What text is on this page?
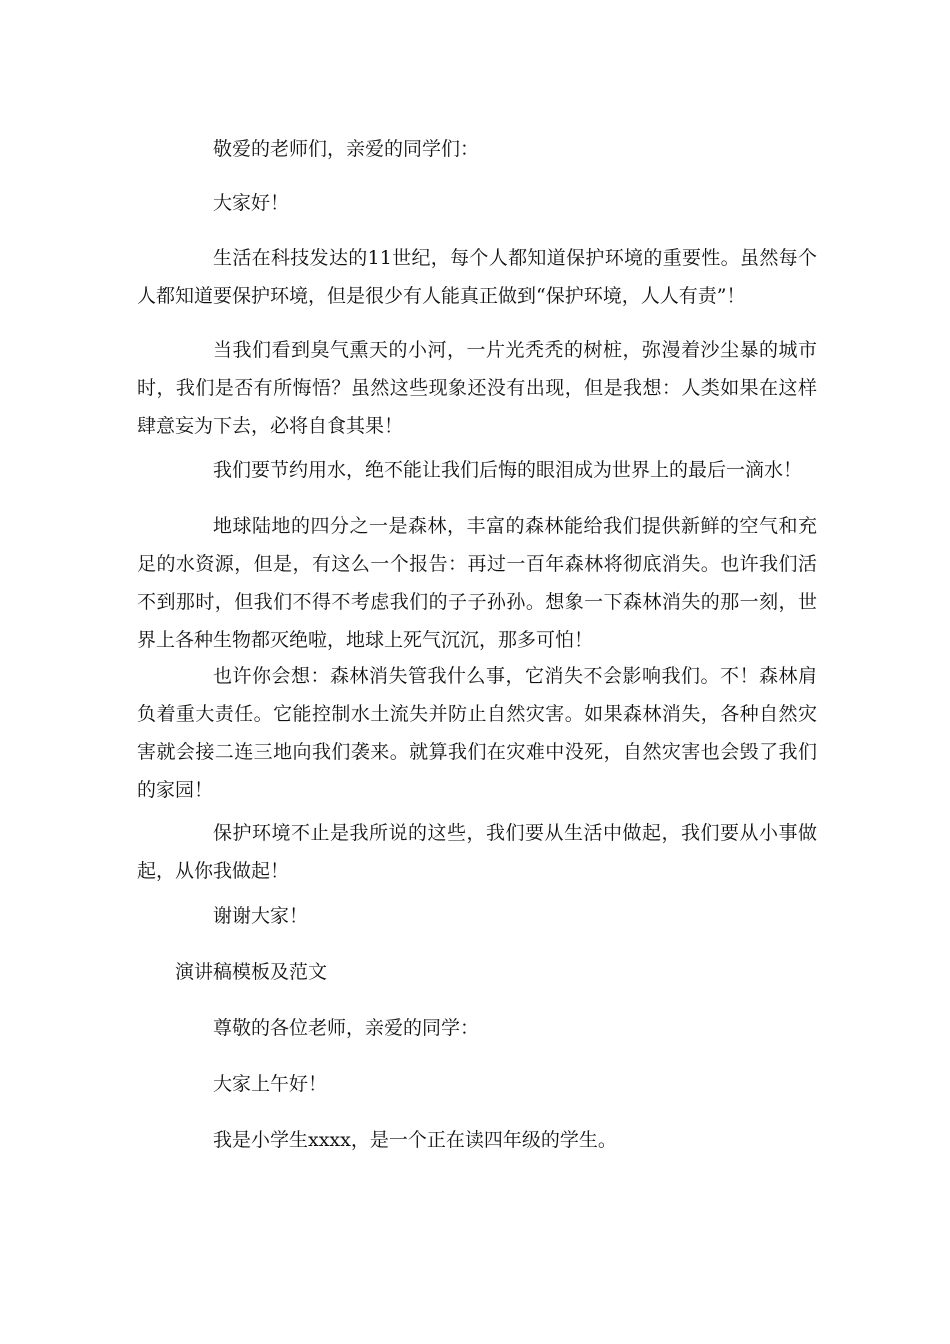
敬爱的老师们，亲爱的同学们：

大家好！

生活在科技发达的11世纪，每个人都知道保护环境的重要性。虽然每个人都知道要保护环境，但是很少有人能真正做到“保护环境，人人有责”！

当我们看到臭气熏天的小河，一片光秃秃的树桩，弥漫着沙尘暴的城市时，我们是否有所悔悟？虽然这些现象还没有出现，但是我想：人类如果在这样肆意妄为下去，必将自食其果！

我们要节约用水，绝不能让我们后悔的眼泪成为世界上的最后一滴水！

地球陆地的四分之一是森林，丰富的森林能给我们提供新鲜的空气和充足的水资源，但是，有这么一个报告：再过一百年森林将彻底消失。也许我们活不到那时，但我们不得不考虑我们的子子孙孙。想象一下森林消失的那一刻，世界上各种生物都灭绝啦，地球上死气沉沉，那多可怕！

也许你会想：森林消失管我什么事，它消失不会影响我们。不！森林肩负着重大责任。它能控制水土流失并防止自然灾害。如果森林消失，各种自然灾害就会接二连三地向我们袭来。就算我们在灾难中没死，自然灾害也会毁了我们的家园！

保护环境不止是我所说的这些，我们要从生活中做起，我们要从小事做起，从你我做起！

谢谢大家！

演讲稿模板及范文

尊敬的各位老师，亲爱的同学：

大家上午好！

我是小学生xxxx，是一个正在读四年级的学生。
